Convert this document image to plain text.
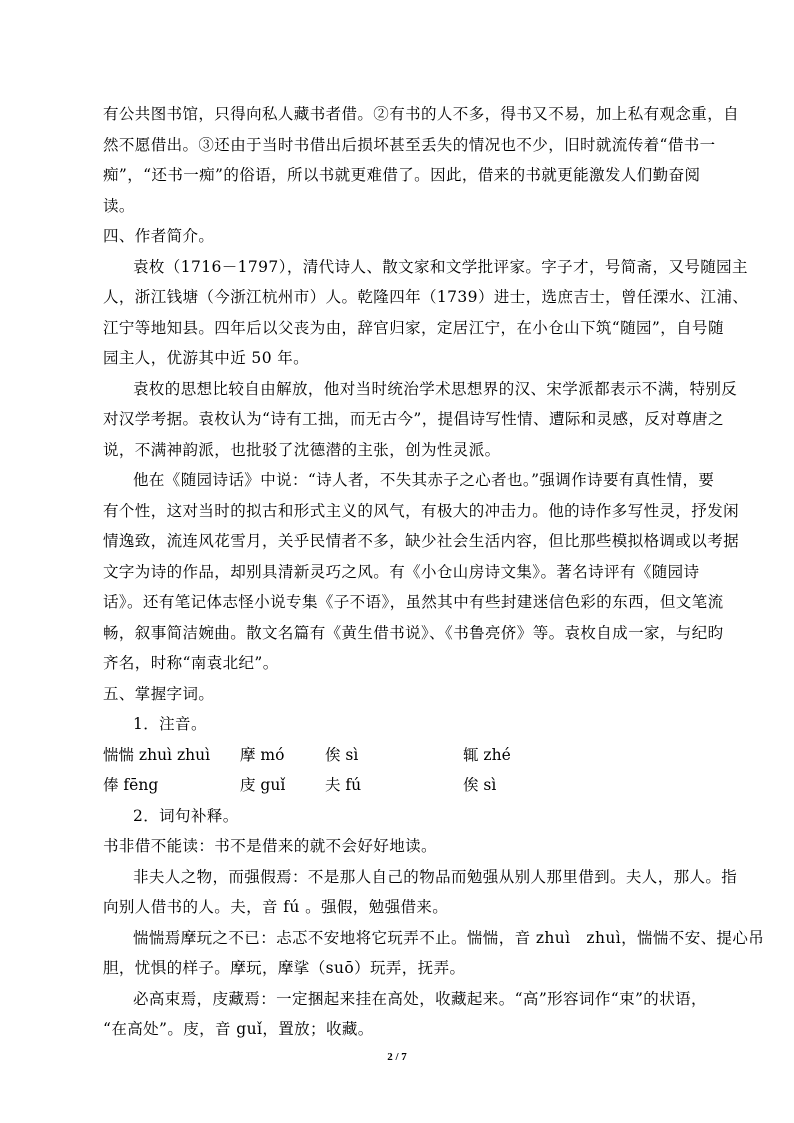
有公共图书馆，只得向私人藏书者借。②有书的人不多，得书又不易，加上私有观念重，自
然不愿借出。③还由于当时书借出后损坏甚至丢失的情况也不少，旧时就流传着“借书一
痴”，“还书一痴”的俗语，所以书就更难借了。因此，借来的书就更能激发人们勤奋阅
读。
四、作者简介。
袁枚（1716－1797），清代诗人、散文家和文学批评家。字子才，号简斋，又号随园主
人，浙江钱塘（今浙江杭州市）人。乾隆四年（1739）进士，选庶吉士，曾任溧水、江浦、
江宁等地知县。四年后以父丧为由，辞官归家，定居江宁，在小仓山下筑“随园”，自号随
园主人，优游其中近 50 年。
袁枚的思想比较自由解放，他对当时统治学术思想界的汉、宋学派都表示不满，特别反
对汉学考据。袁枚认为“诗有工拙，而无古今”，提倡诗写性情、遭际和灵感，反对尊唐之
说，不满神韵派，也批驳了沈德潜的主张，创为性灵派。
他在《随园诗话》中说：“诗人者，不失其赤子之心者也。”强调作诗要有真性情，要
有个性，这对当时的拟古和形式主义的风气，有极大的冲击力。他的诗作多写性灵，抒发闲
情逸致，流连风花雪月，关乎民情者不多，缺少社会生活内容，但比那些模拟格调或以考据
文字为诗的作品，却别具清新灵巧之风。有《小仓山房诗文集》。著名诗评有《随园诗
话》。还有笔记体志怪小说专集《子不语》，虽然其中有些封建迷信色彩的东西，但文笔流
畅，叙事简洁婉曲。散文名篇有《黄生借书说》、《书鲁亮侪》等。袁枚自成一家，与纪昀
齐名，时称“南袁北纪”。
五、掌握字词。
1．注音。
惴惴 zhuì zhuì 摩 mó	俟 sì	辄 zhé
俸 fēng	庋 guǐ	夫 fú	俟 sì
2．词句补释。
书非借不能读：书不是借来的就不会好好地读。
非夫人之物，而强假焉：不是那人自己的物品而勉强从别人那里借到。夫人，那人。指
向别人借书的人。夫，音 fú 。强假，勉强借来。
惴惴焉摩玩之不已：忐忑不安地将它玩弄不止。惴惴，音 zhuì　zhuì，惴惴不安、提心吊
胆，忧惧的样子。摩玩，摩挲（suō）玩弄，抚弄。
必高束焉，庋藏焉：一定捆起来挂在高处，收藏起来。“高”形容词作“束”的状语，
“在高处”。庋，音 guǐ，置放；收藏。
2 / 7
